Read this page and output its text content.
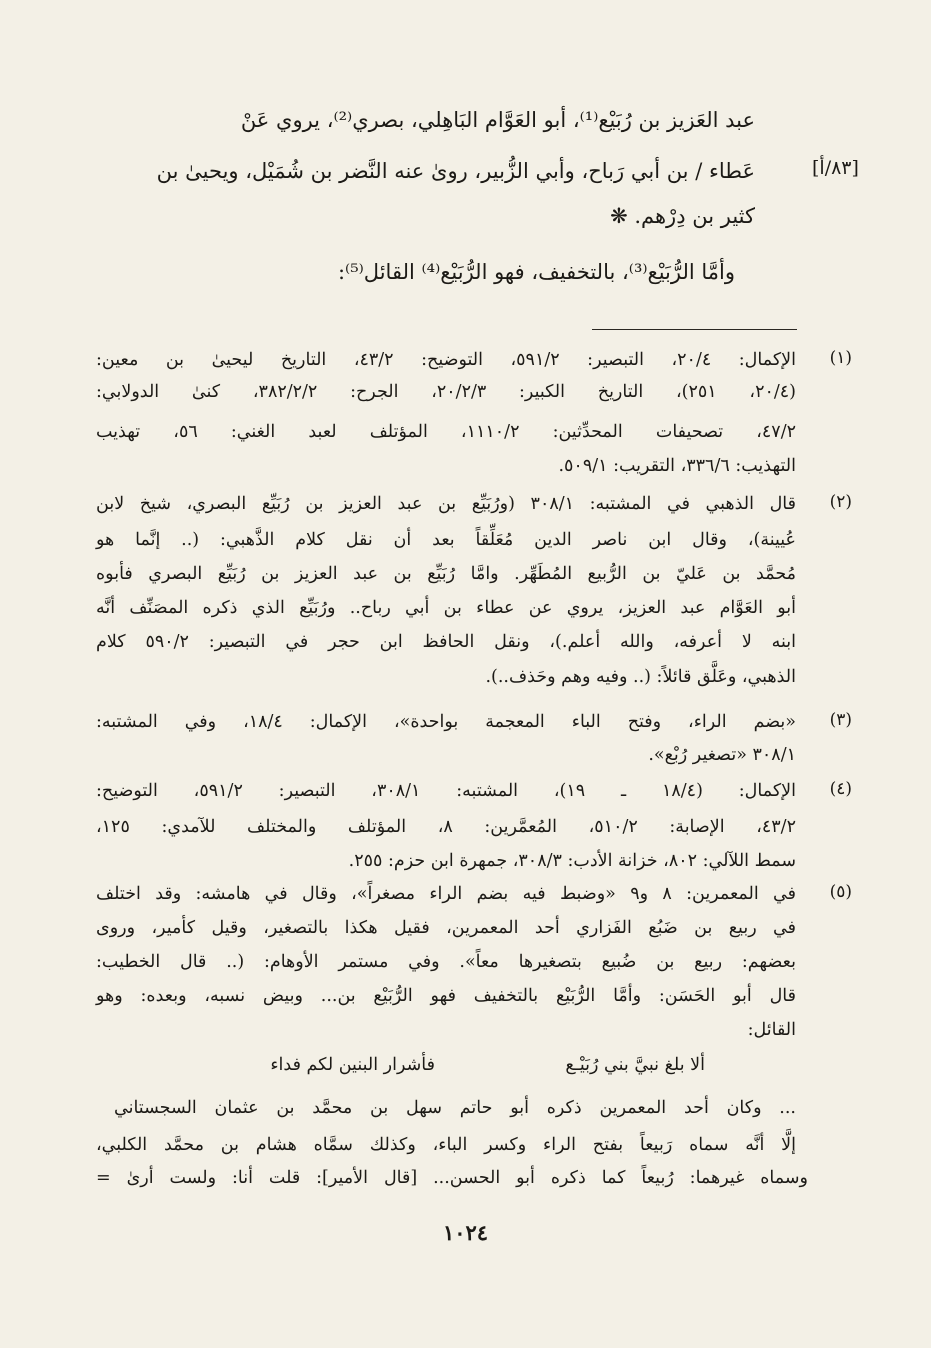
عبد العَزيز بن رُبَيْع⁽¹⁾، أبو العَوَّام البَاهِلي، بصري⁽²⁾، يروي عَنْ
عَطاء / بن أبي رَباح، وأبي الزُّبير، روىٰ عنه النَّضر بن شُمَيْل، ويحيىٰ بن
كثير بن دِرْهم. ❋
وأمَّا الرُّبَيْع⁽³⁾، بالتخفيف، فهو الرُّبَيْع⁽⁴⁾ القائل⁽⁵⁾:
[٨٣/أ]
(١)
الإكمال: ٢٠/٤، التبصير: ٥٩١/٢، التوضيح: ٤٣/٢، التاريخ ليحيىٰ بن معين:
(٢٠/٤، ٢٥١)، التاريخ الكبير: ٢٠/٢/٣، الجرح: ٣٨٢/٢/٢، كنىٰ الدولابي:
٤٧/٢، تصحيفات المحدِّثين: ١١١٠/٢، المؤتلف لعبد الغني: ٥٦، تهذيب
التهذيب: ٣٣٦/٦، التقريب: ٥٠٩/١.
(٢)
قال الذهبي في المشتبه: ٣٠٨/١ (ورُبَيِّع بن عبد العزيز بن رُبَيِّع البصري، شيخ لابن
عُيينة)، وقال ابن ناصر الدين مُعَلِّقاً بعد أن نقل كلام الذَّهبي: (.. إنَّما هو
مُحمَّد بن عَليّ بن الرُّبيع المُطَهِّر. وامَّا رُبَيِّع بن عبد العزيز بن رُبَيِّع البصري فأبوه
أبو العَوَّام عبد العزيز، يروي عن عطاء بن أبي رباح.. ورُبَيِّع الذي ذكره المصَنِّف أنَّه
ابنه لا أعرفه، والله أعلم.)، ونقل الحافظ ابن حجر في التبصير: ٥٩٠/٢ كلام
الذهبي، وعَلَّق قائلاً: (.. وفيه وهم وحَذف..).
(٣)
«بضم الراء، وفتح الباء المعجمة بواحدة»، الإكمال: ١٨/٤، وفي المشتبه:
٣٠٨/١ «تصغير رُبْع».
(٤)
الإكمال: (١٨/٤ ـ ١٩)، المشتبه: ٣٠٨/١، التبصير: ٥٩١/٢، التوضيح:
٤٣/٢، الإصابة: ٥١٠/٢، المُعمَّرين: ٨، المؤتلف والمختلف للآمدي: ١٢٥،
سمط اللآلي: ٨٠٢، خزانة الأدب: ٣٠٨/٣، جمهرة ابن حزم: ٢٥٥.
(٥)
في المعمرين: ٨ و٩ «وضبط فيه بضم الراء مصغراً»، وقال في هامشه: وقد اختلف
في ربيع بن ضَبُع الفَزاري أحد المعمرين، فقيل هكذا بالتصغير، وقيل كأمير، وروى
بعضهم: ربيع بن ضُبيع بتصغيرها معاً». وفي مستمر الأوهام: (.. قال الخطيب:
قال أبو الحَسَن: وأمَّا الرُّبَيْع بالتخفيف فهو الرُّبَيْع بن... وبيض نسبه، وبعده: وهو
القائل:
ألا بلغ نبيَّ بني رُبَيْـع
فأشرار البنين لكم فداء
... وكان أحد المعمرين ذكره أبو حاتم سهل بن محمَّد بن عثمان السجستاني
إلَّا أنَّه سماه رَبيعاً بفتح الراء وكسر الباء، وكذلك سمَّاه هشام بن محمَّد الكلبي،
وسماه غيرهما: رُبيعاً كما ذكره أبو الحسن... [قال الأمير]: قلت أنا: ولست أرىٰ =
١٠٢٤
